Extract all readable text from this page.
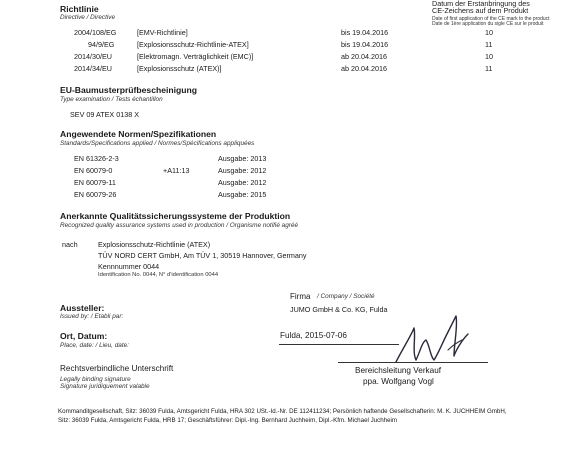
Datum der Erstanbringung des
CE-Zeichens auf dem Produkt
Date of first application of the CE mark to the product
Date de 1ère application du sigle CE sur le produit
Richtlinie
Directive / Directive
2004/108/EG	[EMV-Richtlinie]	bis 19.04.2016	10
94/9/EG	[Explosionsschutz-Richtlinie-ATEX]	bis 19.04.2016	11
2014/30/EU	[Elektromagn. Verträglichkeit (EMC)]	ab 20.04.2016	10
2014/34/EU	[Explosionsschutz (ATEX)]	ab 20.04.2016	11
EU-Baumusterprüfbescheinigung
Type examination / Tests échantillon
SEV 09 ATEX 0138 X
Angewendete Normen/Spezifikationen
Standards/Specifications applied / Normes/Spécifications appliquées
EN 61326-2-3	Ausgabe: 2013
EN 60079-0	+A11:13	Ausgabe: 2012
EN 60079-11	Ausgabe: 2012
EN 60079-26	Ausgabe: 2015
Anerkannte Qualitätssicherungssysteme der Produktion
Recognized quality assurance systems used in production / Organisme notifié agréé
nach	Explosionsschutz-Richtlinie (ATEX)
TÜV NORD CERT GmbH, Am TÜV 1, 30519 Hannover, Germany
Kennnummer 0044
Identification No. 0044, N° d'identification 0044
Aussteller:
Issued by: / Etabli par:
Firma / Company / Société
JUMO GmbH & Co. KG, Fulda
Ort, Datum:
Place, date: / Lieu, date:
Fulda, 2015-07-06
Rechtsverbindliche Unterschrift
Legally binding signature
Signature juridiquement valable
Bereichsleitung Verkauf
ppa. Wolfgang Vogl
Kommanditgesellschaft, Sitz: 36039 Fulda, Amtsgericht Fulda, HRA 302 USt.-Id.-Nr. DE 112411234; Persönlich haftende Gesellschafterin: M. K. JUCHHEIM GmbH,
Sitz: 36039 Fulda, Amtsgericht Fulda, HRB 17; Geschäftsführer: Dipl.-Ing. Bernhard Juchheim, Dipl.-Kfm. Michael Juchheim
